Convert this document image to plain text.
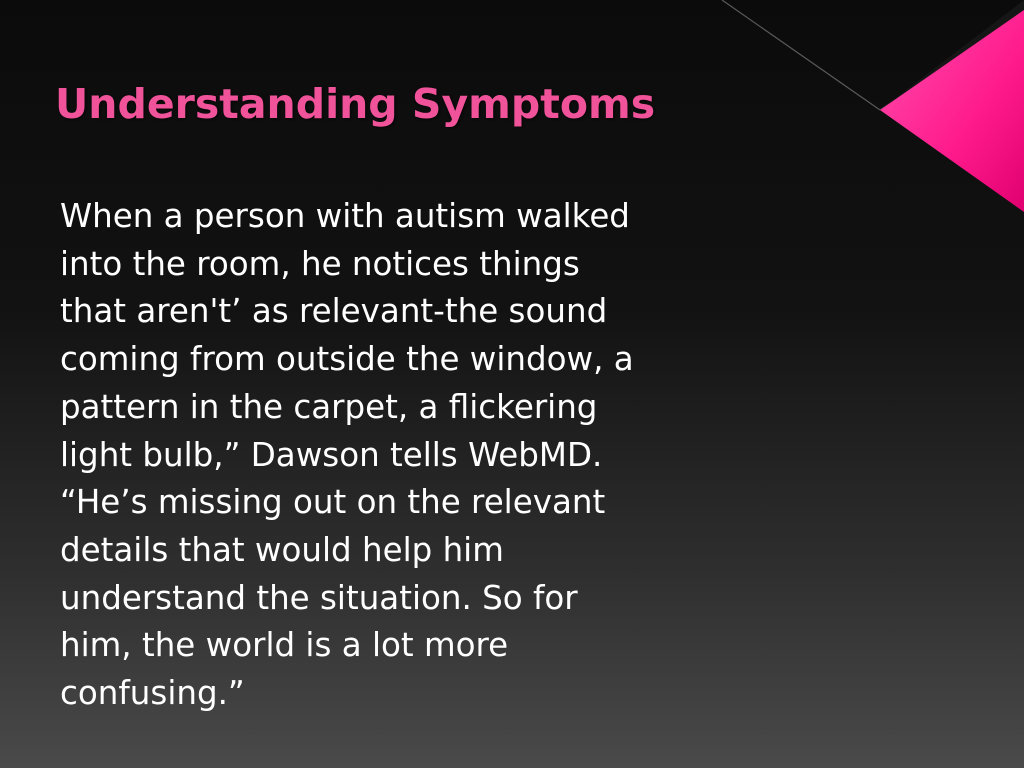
Understanding Symptoms
When a person with autism walked
into the room, he notices things
that aren't’ as relevant-the sound
coming from outside the window, a
pattern in the carpet, a flickering
light bulb,” Dawson tells WebMD.
“He’s missing out on the relevant
details that would help him
understand the situation. So for
him, the world is a lot more
confusing.”
